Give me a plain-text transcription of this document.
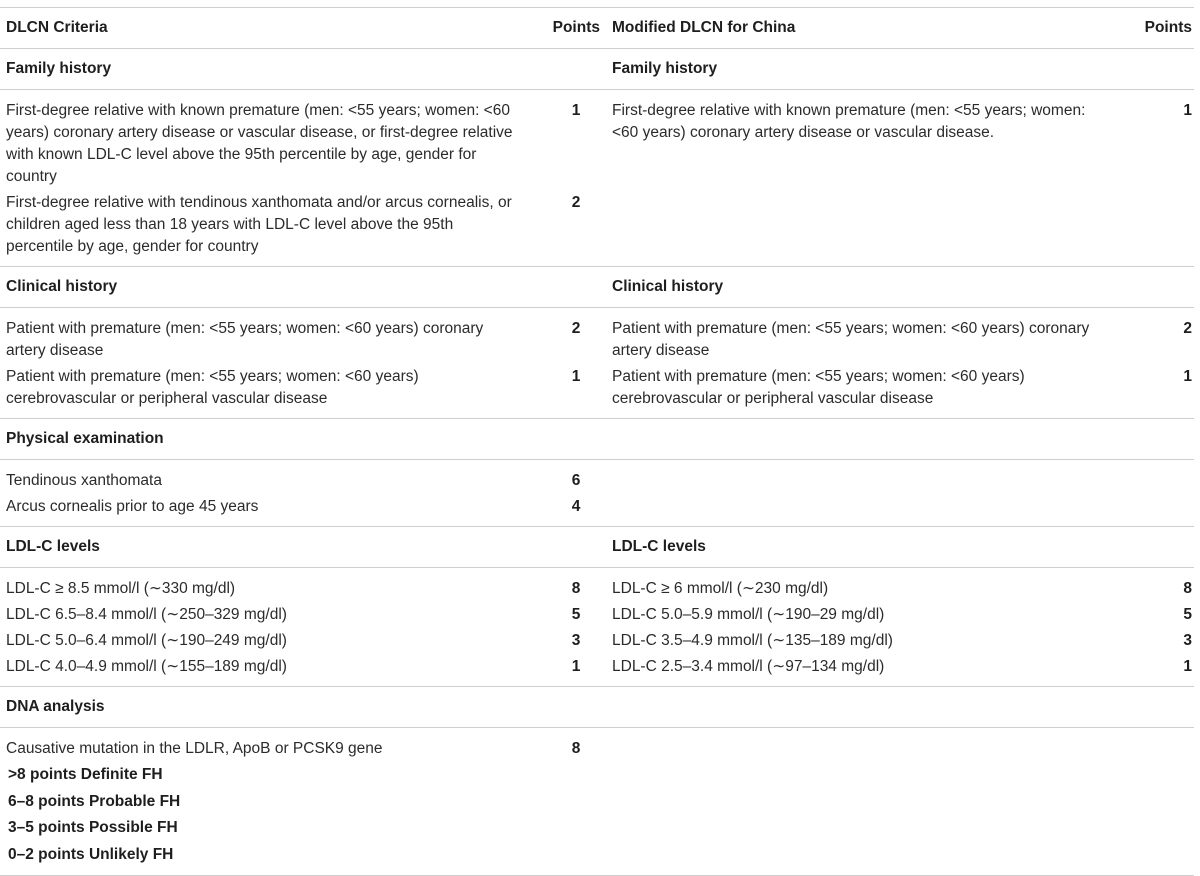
DLCN Criteria	Points	Modified DLCN for China	Points
Family history		Family history	
First-degree relative with known premature (men: <55 years; women: <60 years) coronary artery disease or vascular disease, or first-degree relative with known LDL-C level above the 95th percentile by age, gender for country	1	First-degree relative with known premature (men: <55 years; women: <60 years) coronary artery disease or vascular disease.	1
First-degree relative with tendinous xanthomata and/or arcus cornealis, or children aged less than 18 years with LDL-C level above the 95th percentile by age, gender for country	2		
Clinical history		Clinical history	
Patient with premature (men: <55 years; women: <60 years) coronary artery disease	2	Patient with premature (men: <55 years; women: <60 years) coronary artery disease	2
Patient with premature (men: <55 years; women: <60 years) cerebrovascular or peripheral vascular disease	1	Patient with premature (men: <55 years; women: <60 years) cerebrovascular or peripheral vascular disease	1
Physical examination			
Tendinous xanthomata	6		
Arcus cornealis prior to age 45 years	4		
LDL-C levels		LDL-C levels	
LDL-C ≥ 8.5 mmol/l (∼330 mg/dl)	8	LDL-C ≥ 6 mmol/l (∼230 mg/dl)	8
LDL-C 6.5–8.4 mmol/l (∼250–329 mg/dl)	5	LDL-C 5.0–5.9 mmol/l (∼190–29 mg/dl)	5
LDL-C 5.0–6.4 mmol/l (∼190–249 mg/dl)	3	LDL-C 3.5–4.9 mmol/l (∼135–189 mg/dl)	3
LDL-C 4.0–4.9 mmol/l (∼155–189 mg/dl)	1	LDL-C 2.5–3.4 mmol/l (∼97–134 mg/dl)	1
DNA analysis			
Causative mutation in the LDLR, ApoB or PCSK9 gene	8		
>8 points Definite FH			
6–8 points Probable FH			
3–5 points Possible FH			
0–2 points Unlikely FH			
